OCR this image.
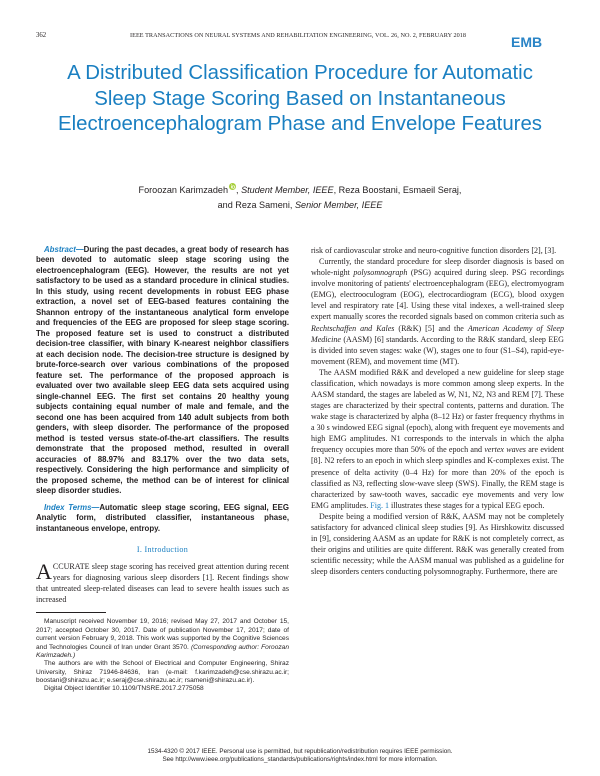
362	IEEE TRANSACTIONS ON NEURAL SYSTEMS AND REHABILITATION ENGINEERING, VOL. 26, NO. 2, FEBRUARY 2018	EMB
A Distributed Classification Procedure for Automatic Sleep Stage Scoring Based on Instantaneous Electroencephalogram Phase and Envelope Features
Foroozan Karimzadeh , Student Member, IEEE, Reza Boostani, Esmaeil Seraj,
and Reza Sameni, Senior Member, IEEE

Abstract—During the past decades, a great body of research has been devoted to automatic sleep stage scoring using the electroencephalogram (EEG). However, the results are not yet satisfactory to be used as a standard procedure in clinical studies. In this study, using recent developments in robust EEG phase extraction, a novel set of EEG-based features containing the Shannon entropy of the instantaneous analytical form envelope and frequencies of the EEG are proposed for sleep stage scoring. The proposed feature set is used to construct a distributed decision-tree classifier, with binary K-nearest neighbor classifiers at each decision node. The decision-tree structure is designed by brute-force-search over various combinations of the proposed feature set. The performance of the proposed approach is evaluated over two available sleep EEG data sets acquired using single-channel EEG. The first set contains 20 healthy young subjects containing equal number of male and female, and the second one has been acquired from 140 adult subjects from both genders, with sleep disorder. The performance of the proposed method is tested versus state-of-the-art classifiers. The results demonstrate that the proposed method, resulted in overall accuracies of 88.97% and 83.17% over the two data sets, respectively. Considering the high performance and simplicity of the proposed scheme, the method can be of interest for clinical sleep disorder studies.

Index Terms—Automatic sleep stage scoring, EEG signal, EEG Analytic form, distributed classifier, instantaneous phase, instantaneous envelope, entropy.

I. Introduction

ACCURATE sleep stage scoring has received great attention during recent years for diagnosing various sleep disorders [1]. Recent findings show that untreated sleep-related diseases can lead to severe health issues such as increased

Manuscript received November 19, 2016; revised May 27, 2017 and October 15, 2017; accepted October 30, 2017. Date of publication November 17, 2017; date of current version February 9, 2018. This work was supported by the Cognitive Sciences and Technologies Council of Iran under Grant 3570. (Corresponding author: Foroozan Karimzadeh.)

The authors are with the School of Electrical and Computer Engineering, Shiraz University, Shiraz 71946-84636, Iran (e-mail: f.karimzadeh@cse.shirazu.ac.ir; boostani@shirazu.ac.ir; e.seraj@cse.shirazu.ac.ir; rsameni@shirazu.ac.ir).

Digital Object Identifier 10.1109/TNSRE.2017.2775058

risk of cardiovascular stroke and neuro-cognitive function disorders [2], [3].

Currently, the standard procedure for sleep disorder diagnosis is based on whole-night polysomnograph (PSG) acquired during sleep. PSG recordings involve monitoring of patients' electroencephalogram (EEG), electromyogram (EMG), electrooculogram (EOG), electrocardiogram (ECG), blood oxygen level and respiratory rate [4]. Using these vital indexes, a well-trained sleep expert manually scores the recorded signals based on common criteria such as Rechtschaffen and Kales (R&K) [5] and the American Academy of Sleep Medicine (AASM) [6] standards. According to the R&K standard, sleep EEG is divided into seven stages: wake (W), stages one to four (S1–S4), rapid-eye-movement (REM), and movement time (MT).

The AASM modified R&K and developed a new guideline for sleep stage classification, which nowadays is more common among sleep experts. In the AASM standard, the stages are labeled as W, N1, N2, N3 and REM [7]. These stages are characterized by their spectral contents, patterns and duration. The wake stage is characterized by alpha (8–12 Hz) or faster frequency rhythms in a 30 s windowed EEG signal (epoch), along with frequent eye movements and high EMG amplitudes. N1 corresponds to the intervals in which the alpha frequency occupies more than 50% of the epoch and vertex waves are evident [8]. N2 refers to an epoch in which sleep spindles and K-complexes exist. The presence of delta activity (0–4 Hz) for more than 20% of the epoch is classified as N3, reflecting slow-wave sleep (SWS). Finally, the REM stage is characterized by saw-tooth waves, saccadic eye movements and very low EMG amplitudes. Fig. 1 illustrates these stages for a typical EEG epoch.

Despite being a modified version of R&K, AASM may not be completely satisfactory for advanced clinical sleep studies [9]. As Hirshkowitz discussed in [9], considering AASM as an update for R&K is not completely correct, as their origins and utilities are quite different. R&K was generally created from scientific necessity; while the AASM manual was published as a guideline for sleep disorders centers conducting polysomnography. Furthermore, there are

1534-4320 © 2017 IEEE. Personal use is permitted, but republication/redistribution requires IEEE permission.
See http://www.ieee.org/publications_standards/publications/rights/index.html for more information.
